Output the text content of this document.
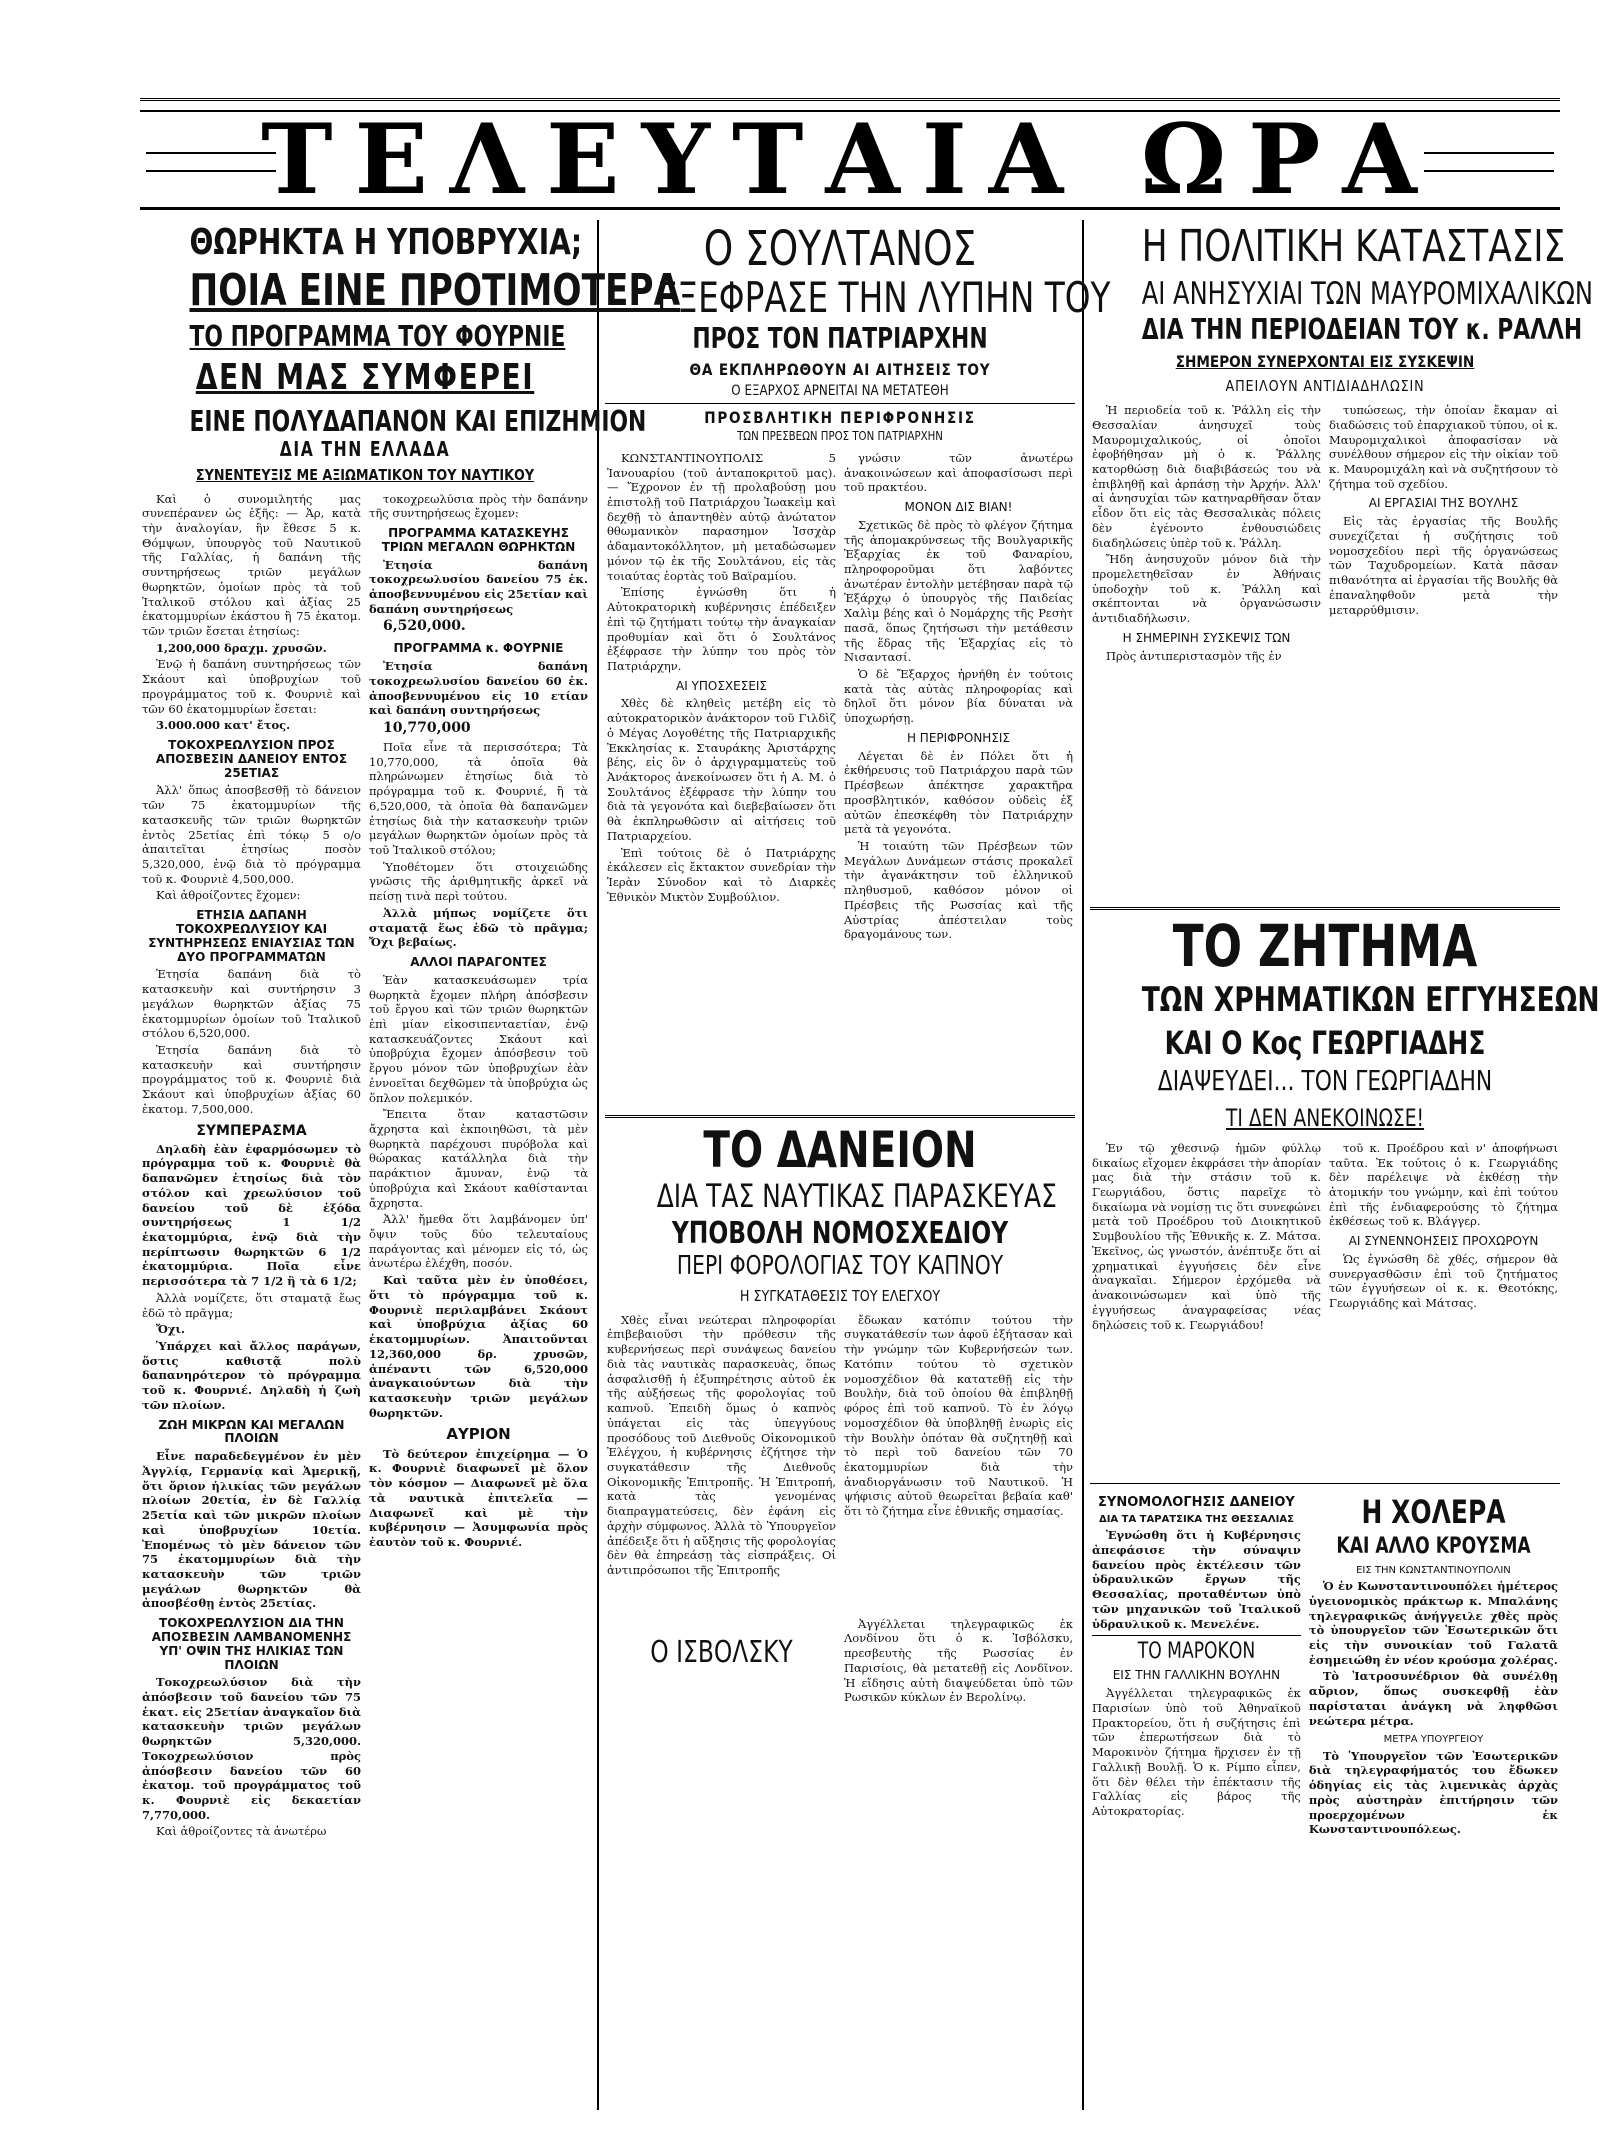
ΤΕΛΕΥΤΑΙΑ ΩΡΑ
ΘΩΡΗΚΤΑ Η ΥΠΟΒΡΥΧΙΑ;
ΠΟΙΑ ΕΙΝΕ ΠΡΟΤΙΜΟΤΕΡΑ
ΤΟ ΠΡΟΓΡΑΜΜΑ ΤΟΥ ΦΟΥΡΝΙΕ
ΔΕΝ ΜΑΣ ΣΥΜΦΕΡΕΙ
ΕΙΝΕ ΠΟΛΥΔΑΠΑΝΟΝ ΚΑΙ ΕΠΙΖΗΜΙΟΝ
ΔΙΑ ΤΗΝ ΕΛΛΑΔΑ
ΣΥΝΕΝΤΕΥΞΙΣ ΜΕ ΑΞΙΩΜΑΤΙΚΟΝ ΤΟΥ ΝΑΥΤΙΚΟΥ

Καὶ ὁ συνομιλητής μας συνεπέρανεν ὡς ἑξῆς: — Ἀρ, κατὰ τὴν ἀναλογίαν, ἣν ἔθεσε 5 κ. Θόμψων, ὑπουργὸς τοῦ Ναυτικοῦ τῆς Γαλλίας, ἡ δαπάνη τῆς συντηρήσεως τριῶν μεγάλων θωρηκτῶν, ὁμοίων πρὸς τὰ τοῦ Ἰταλικοῦ στόλου καὶ ἀξίας 25 ἑκατομμυρίων ἑκάστου ἢ 75 ἑκατομ. τῶν τριῶν ἔσεται ἐτησίως:

1,200,000 δραχμ. χρυσῶν.

Ἐνῷ ἡ δαπάνη συντηρήσεως τῶν Σκάουτ καὶ ὑποβρυχίων τοῦ προγράμματος τοῦ κ. Φουρνιὲ καὶ τῶν 60 ἑκατομμυρίων ἔσεται:

3.000.000 κατ' ἔτος.

ΤΟΚΟΧΡΕΩΛΥΣΙΟΝ ΠΡΟΣ ΑΠΟΣΒΕΣΙΝ ΔΑΝΕΙΟΥ ΕΝΤΟΣ 25ΕΤΙΑΣ

Ἀλλ' ὅπως ἀποσβεσθῇ τὸ δάνειον τῶν 75 ἑκατομμυρίων τῆς κατασκευῆς τῶν τριῶν θωρηκτῶν ἐντὸς 25ετίας ἐπὶ τόκῳ 5 ο/ο ἀπαιτεῖται ἐτησίως ποσὸν 5,320,000, ἐνῷ διὰ τὸ πρόγραμμα τοῦ κ. Φουρνιὲ 4,500,000.

Καὶ ἀθροίζοντες ἔχομεν:

ΕΤΗΣΙΑ ΔΑΠΑΝΗ ΤΟΚΟΧΡΕΩΛΥΣΙΟΥ ΚΑΙ ΣΥΝΤΗΡΗΣΕΩΣ ΕΝΙΑΥΣΙΑΣ ΤΩΝ ΔΥΟ ΠΡΟΓΡΑΜΜΑΤΩΝ

Ἐτησία δαπάνη διὰ τὸ κατασκευὴν καὶ συντήρησιν 3 μεγάλων θωρηκτῶν ἀξίας 75 ἑκατομμυρίων ὁμοίων τοῦ Ἰταλικοῦ στόλου 6,520,000.

Ἐτησία δαπάνη διὰ τὸ κατασκευὴν καὶ συντήρησιν προγράμματος τοῦ κ. Φουρνιὲ διὰ Σκάουτ καὶ ὑποβρυχίων ἀξίας 60 ἑκατομ. 7,500,000.

ΣΥΜΠΕΡΑΣΜΑ

Δηλαδὴ ἐὰν ἐφαρμόσωμεν τὸ πρόγραμμα τοῦ κ. Φουρνιὲ θὰ δαπανῶμεν ἐτησίως διὰ τὸν στόλον καὶ χρεωλύσιον τοῦ δανείου τοῦ δὲ ἐξόδα συντηρήσεως 1 1/2 ἑκατομμύρια, ἐνῷ διὰ τὴν περίπτωσιν θωρηκτῶν 6 1/2 ἑκατομμύρια. Ποῖα εἶνε περισσότερα τὰ 7 1/2 ἢ τὰ 6 1/2;

Ἀλλὰ νομίζετε, ὅτι σταματᾷ ἕως ἐδῶ τὸ πρᾶγμα;

Ὄχι.

Ὑπάρχει καὶ ἄλλος παράγων, ὅστις καθιστᾷ πολὺ δαπανηρότερον τὸ πρόγραμμα τοῦ κ. Φουρνιέ. Δηλαδὴ ἡ ζωὴ τῶν πλοίων.

ΖΩΗ ΜΙΚΡΩΝ ΚΑΙ ΜΕΓΑΛΩΝ ΠΛΟΙΩΝ

Εἶνε παραδεδεγμένον ἐν μὲν Ἀγγλίᾳ, Γερμανίᾳ καὶ Ἀμερικῇ, ὅτι ὅριον ἡλικίας τῶν μεγάλων πλοίων 20ετία, ἐν δὲ Γαλλίᾳ 25ετία καὶ τῶν μικρῶν πλοίων καὶ ὑποβρυχίων 10ετία. Ἐπομένως τὸ μὲν δάνειον τῶν 75 ἑκατομμυρίων διὰ τὴν κατασκευὴν τῶν τριῶν μεγάλων θωρηκτῶν θὰ ἀποσβέσθῃ ἐντὸς 25ετίας.

ΤΟΚΟΧΡΕΩΛΥΣΙΟΝ ΔΙΑ ΤΗΝ ΑΠΟΣΒΕΣΙΝ ΛΑΜΒΑΝΟΜΕΝΗΣ ΥΠ' ΟΨΙΝ ΤΗΣ ΗΛΙΚΙΑΣ ΤΩΝ ΠΛΟΙΩΝ

Τοκοχρεωλύσιον διὰ τὴν ἀπόσβεσιν τοῦ δανείου τῶν 75 ἑκατ. εἰς 25ετίαν ἀναγκαῖον διὰ κατασκευὴν τριῶν μεγάλων θωρηκτῶν 5,320,000. Τοκοχρεωλύσιον πρὸς ἀπόσβεσιν δανείου τῶν 60 ἑκατομ. τοῦ προγράμματος τοῦ κ. Φουρνιὲ εἰς δεκαετίαν 7,770,000.

Καὶ ἀθροίζοντες τὰ ἀνωτέρω

τοκοχρεωλύσια πρὸς τὴν δαπάνην τῆς συντηρήσεως ἔχομεν:

ΠΡΟΓΡΑΜΜΑ ΚΑΤΑΣΚΕΥΗΣ ΤΡΙΩΝ ΜΕΓΑΛΩΝ ΘΩΡΗΚΤΩΝ

Ἐτησία δαπάνη τοκοχρεωλυσίου δανείου 75 ἑκ. ἀποσβεννυμένου εἰς 25ετίαν καὶ δαπάνη συντηρήσεως

6,520,000.

ΠΡΟΓΡΑΜΜΑ κ. ΦΟΥΡΝΙΕ

Ἐτησία δαπάνη τοκοχρεωλυσίου δανείου 60 ἑκ. ἀποσβεννυμένου εἰς 10 ετίαν καὶ δαπάνη συντηρήσεως

10,770,000

Ποῖα εἶνε τὰ περισσότερα; Τὰ 10,770,000, τὰ ὁποῖα θὰ πληρώνωμεν ἐτησίως διὰ τὸ πρόγραμμα τοῦ κ. Φουρνιέ, ἢ τὰ 6,520,000, τὰ ὁποῖα θὰ δαπανῶμεν ἐτησίως διὰ τὴν κατασκευὴν τριῶν μεγάλων θωρηκτῶν ὁμοίων πρὸς τὰ τοῦ Ἰταλικοῦ στόλου;

Ὑποθέτομεν ὅτι στοιχειώδης γνῶσις τῆς ἀριθμητικῆς ἀρκεῖ νὰ πείσῃ τινὰ περὶ τούτου.

Ἀλλὰ μήπως νομίζετε ὅτι σταματᾷ ἕως ἐδῶ τὸ πρᾶγμα; Ὄχι βεβαίως.

ΑΛΛΟΙ ΠΑΡΑΓΟΝΤΕΣ

Ἐὰν κατασκευάσωμεν τρία θωρηκτὰ ἔχομεν πλήρη ἀπόσβεσιν τοῦ ἔργου καὶ τῶν τριῶν θωρηκτῶν ἐπὶ μίαν εἰκοσιπενταετίαν, ἐνῷ κατασκευάζοντες Σκάουτ καὶ ὑποβρύχια ἔχομεν ἀπόσβεσιν τοῦ ἔργου μόνον τῶν ὑποβρυχίων ἐὰν ἐννοεῖται δεχθῶμεν τὰ ὑποβρύχια ὡς ὅπλον πολεμικόν.

Ἔπειτα ὅταν καταστῶσιν ἄχρηστα καὶ ἐκποιηθῶσι, τὰ μὲν θωρηκτὰ παρέχουσι πυρόβολα καὶ θώρακας κατάλληλα διὰ τὴν παράκτιον ἄμυναν, ἐνῷ τὰ ὑποβρύχια καὶ Σκάουτ καθίστανται ἄχρηστα.

Ἀλλ' ἤμεθα ὅτι λαμβάνομεν ὑπ' ὄψιν τοῦς δύο τελευταίους παράγοντας καὶ μένομεν εἰς τό, ὡς ἀνωτέρω ἐλέχθη, ποσόν.

Καὶ ταῦτα μὲν ἐν ὑποθέσει, ὅτι τὸ πρόγραμμα τοῦ κ. Φουρνιὲ περιλαμβάνει Σκάουτ καὶ ὑποβρύχια ἀξίας 60 ἑκατομμυρίων. Ἀπαιτοῦνται 12,360,000 δρ. χρυσῶν, ἀπέναντι τῶν 6,520,000 ἀναγκαιούντων διὰ τὴν κατασκευὴν τριῶν μεγάλων θωρηκτῶν.

ΑΥΡΙΟΝ

Τὸ δεύτερον ἐπιχείρημα — Ὁ κ. Φουρνιὲ διαφωνεῖ μὲ ὅλον τὸν κόσμον — Διαφωνεῖ μὲ ὅλα τὰ ναυτικὰ ἐπιτελεῖα — Διαφωνεῖ καὶ μὲ τὴν κυβέρνησιν — Ἀσυμφωνία πρὸς ἑαυτὸν τοῦ κ. Φουρνιέ.

Ο ΣΟΥΛΤΑΝΟΣ
ΕΞΕΦΡΑΣΕ ΤΗΝ ΛΥΠΗΝ ΤΟΥ
ΠΡΟΣ ΤΟΝ ΠΑΤΡΙΑΡΧΗΝ
ΘΑ ΕΚΠΛΗΡΩΘΟΥΝ ΑΙ ΑΙΤΗΣΕΙΣ ΤΟΥ
Ο ΕΞΑΡΧΟΣ ΑΡΝΕΙΤΑΙ ΝΑ ΜΕΤΑΤΕΘΗ
ΠΡΟΣΒΛΗΤΙΚΗ ΠΕΡΙΦΡΟΝΗΣΙΣ
ΤΩΝ ΠΡΕΣΒΕΩΝ ΠΡΟΣ ΤΟΝ ΠΑΤΡΙΑΡΧΗΝ

ΚΩΝΣΤΑΝΤΙΝΟΥΠΟΛΙΣ 5 Ἰανουαρίου (τοῦ ἀνταποκριτοῦ μας). — Ἔχρονον ἐν τῇ προλαβούσῃ μου ἐπιστολῇ τοῦ Πατριάρχου Ἰωακεὶμ καὶ δεχθῇ τὸ ἀπαντηθὲν αὐτῷ ἀνώτατον θθωμανικὸν παρασημον Ἰσσχὰρ ἀδαμαντοκόλλητον, μὴ μεταδώσωμεν μόνον τῷ ἐκ τῆς Σουλτάνου, εἰς τὰς τοιαύτας ἑορτὰς τοῦ Βαϊραμίου.

Ἐπίσης ἐγνώσθη ὅτι ἡ Αὐτοκρατορικὴ κυβέρνησις ἐπέδειξεν ἐπὶ τῷ ζητήματι τούτῳ τὴν ἀναγκαίαν προθυμίαν καὶ ὅτι ὁ Σουλτάνος ἐξέφρασε τὴν λύπην του πρὸς τὸν Πατριάρχην.

ΑΙ ΥΠΟΣΧΕΣΕΙΣ

Χθὲς δὲ κληθεὶς μετέβη εἰς τὸ αὐτοκρατορικὸν ἀνάκτορον τοῦ Γιλδὶζ ὁ Μέγας Λογοθέτης τῆς Πατριαρχικῆς Ἐκκλησίας κ. Σταυράκης Ἀριστάρχης βέης, εἰς ὃν ὁ ἀρχιγραμματεὺς τοῦ Ἀνάκτορος ἀνεκοίνωσεν ὅτι ἡ Α. Μ. ὁ Σουλτάνος ἐξέφρασε τὴν λύπην του διὰ τὰ γεγονότα καὶ διεβεβαίωσεν ὅτι θὰ ἐκπληρωθῶσιν αἱ αἰτήσεις τοῦ Πατριαρχείου.

Ἐπὶ τούτοις δὲ ὁ Πατριάρχης ἐκάλεσεν εἰς ἔκτακτον συνεδρίαν τὴν Ἱερὰν Σύνοδον καὶ τὸ Διαρκὲς Ἐθνικὸν Μικτὸν Συμβούλιον.

γνώσιν τῶν ἀνωτέρω ἀνακοινώσεων καὶ ἀποφασίσωσι περὶ τοῦ πρακτέου.

ΜΟΝΟΝ ΔΙΣ ΒΙΑΝ!

Σχετικῶς δὲ πρὸς τὸ φλέγον ζήτημα τῆς ἀπομακρύνσεως τῆς Βουλγαρικῆς Ἐξαρχίας ἐκ τοῦ Φαναρίου, πληροφοροῦμαι ὅτι λαβόντες ἀνωτέραν ἐντολὴν μετέβησαν παρὰ τῷ Ἐξάρχῳ ὁ ὑπουργὸς τῆς Παιδείας Χαλὶμ βέης καὶ ὁ Νομάρχης τῆς Ρεσὴτ πασᾶ, ὅπως ζητήσωσι τὴν μετάθεσιν τῆς ἕδρας τῆς Ἐξαρχίας εἰς τὸ Νισαντασί.

Ὁ δὲ Ἔξαρχος ἠρνήθη ἐν τούτοις κατὰ τὰς αὐτὰς πληροφορίας καὶ δηλοῖ ὅτι μόνον βία δύναται νὰ ὑποχωρήσῃ.

Η ΠΕΡΙΦΡΟΝΗΣΙΣ

Λέγεται δὲ ἐν Πόλει ὅτι ἡ ἐκθήρευσις τοῦ Πατριάρχου παρὰ τῶν Πρέσβεων ἀπέκτησε χαρακτῆρα προσβλητικόν, καθόσον οὐδεὶς ἐξ αὐτῶν ἐπεσκέφθη τὸν Πατριάρχην μετὰ τὰ γεγονότα.

Ἡ τοιαύτη τῶν Πρέσβεων τῶν Μεγάλων Δυνάμεων στάσις προκαλεῖ τὴν ἀγανάκτησιν τοῦ ἑλληνικοῦ πληθυσμοῦ, καθόσον μόνον οἱ Πρέσβεις τῆς Ρωσσίας καὶ τῆς Αὐστρίας ἀπέστειλαν τοὺς δραγομάνους των.

ΤΟ ΔΑΝΕΙΟΝ
ΔΙΑ ΤΑΣ ΝΑΥΤΙΚΑΣ ΠΑΡΑΣΚΕΥΑΣ
ΥΠΟΒΟΛΗ ΝΟΜΟΣΧΕΔΙΟΥ
ΠΕΡΙ ΦΟΡΟΛΟΓΙΑΣ ΤΟΥ ΚΑΠΝΟΥ
Η ΣΥΓΚΑΤΑΘΕΣΙΣ ΤΟΥ ΕΛΕΓΧΟΥ

Χθὲς εἶναι νεώτεραι πληροφορίαι ἐπιβεβαιοῦσι τὴν πρόθεσιν τῆς κυβερνήσεως περὶ συνάψεως δανείου διὰ τὰς ναυτικὰς παρασκευὰς, ὅπως ἀσφαλισθῇ ἡ ἐξυπηρέτησις αὐτοῦ ἐκ τῆς αὐξήσεως τῆς φορολογίας τοῦ καπνοῦ. Ἐπειδὴ ὅμως ὁ καπνὸς ὑπάγεται εἰς τὰς ὑπεγγύους προσόδους τοῦ Διεθνοῦς Οἰκονομικοῦ Ἐλέγχου, ἡ κυβέρνησις ἐζήτησε τὴν συγκατάθεσιν τῆς Διεθνοῦς Οἰκονομικῆς Ἐπιτροπῆς. Ἡ Ἐπιτροπή, κατὰ τὰς γενομένας διαπραγματεύσεις, δὲν ἐφάνη εἰς ἀρχὴν σύμφωνος. Ἀλλὰ τὸ Ὑπουργεῖον ἀπέδειξε ὅτι ἡ αὔξησις τῆς φορολογίας δὲν θὰ ἐπηρεάσῃ τὰς εἰσπράξεις. Οἱ ἀντιπρόσωποι τῆς Ἐπιτροπῆς

ἔδωκαν κατόπιν τούτου τὴν συγκατάθεσίν των ἀφοῦ ἐξήτασαν καὶ τὴν γνώμην τῶν Κυβερνήσεών των. Κατόπιν τούτου τὸ σχετικὸν νομοσχέδιον θὰ κατατεθῇ εἰς τὴν Βουλὴν, διὰ τοῦ ὁποίου θὰ ἐπιβληθῇ φόρος ἐπὶ τοῦ καπνοῦ. Τὸ ἐν λόγῳ νομοσχέδιον θὰ ὑποβληθῇ ἐνωρὶς εἰς τὴν Βουλὴν ὁπόταν θὰ συζητηθῇ καὶ τὸ περὶ τοῦ δανείου τῶν 70 ἑκατομμυρίων διὰ τὴν ἀναδιοργάνωσιν τοῦ Ναυτικοῦ. Ἡ ψήφισις αὐτοῦ θεωρεῖται βεβαία καθ' ὅτι τὸ ζήτημα εἶνε ἐθνικῆς σημασίας.

Ο ΙΣΒΟΛΣΚΥ

Ἀγγέλλεται τηλεγραφικῶς ἐκ Λονδίνου ὅτι ὁ κ. Ἰσβόλσκυ, πρεσβευτὴς τῆς Ρωσσίας ἐν Παρισίοις, θὰ μετατεθῇ εἰς Λονδῖνον. Ἡ εἴδησις αὐτὴ διαψεύδεται ὑπὸ τῶν Ρωσικῶν κύκλων ἐν Βερολίνῳ.

Η ΠΟΛΙΤΙΚΗ ΚΑΤΑΣΤΑΣΙΣ
ΑΙ ΑΝΗΣΥΧΙΑΙ ΤΩΝ ΜΑΥΡΟΜΙΧΑΛΙΚΩΝ
ΔΙΑ ΤΗΝ ΠΕΡΙΟΔΕΙΑΝ ΤΟΥ κ. ΡΑΛΛΗ
ΣΗΜΕΡΟΝ ΣΥΝΕΡΧΟΝΤΑΙ ΕΙΣ ΣΥΣΚΕΨΙΝ
ΑΠΕΙΛΟΥΝ ΑΝΤΙΔΙΑΔΗΛΩΣΙΝ

Ἡ περιοδεία τοῦ κ. Ῥάλλη εἰς τὴν Θεσσαλίαν ἀνησυχεῖ τοὺς Μαυρομιχαλικούς, οἱ ὁποῖοι ἐφοβήθησαν μὴ ὁ κ. Ῥάλλης κατορθώσῃ διὰ διαβιβάσεώς του νὰ ἐπιβληθῇ καὶ ἀρπάσῃ τὴν Ἀρχήν. Ἀλλ' αἱ ἀνησυχίαι τῶν κατηναρθῆσαν ὅταν εἶδον ὅτι εἰς τὰς Θεσσαλικὰς πόλεις δὲν ἐγένοντο ἐνθουσιώδεις διαδηλώσεις ὑπὲρ τοῦ κ. Ῥάλλη.

Ἤδη ἀνησυχοῦν μόνον διὰ τὴν προμελετηθεῖσαν ἐν Ἀθήναις ὑποδοχὴν τοῦ κ. Ῥάλλη καὶ σκέπτονται νὰ ὀργανώσωσιν ἀντιδιαδήλωσιν.

Η ΣΗΜΕΡΙΝΗ ΣΥΣΚΕΨΙΣ ΤΩΝ

Πρὸς ἀντιπεριστασμὸν τῆς ἐν

τυπώσεως, τὴν ὁποίαν ἔκαμαν αἱ διαδώσεις τοῦ ἐπαρχιακοῦ τύπου, οἱ κ. Μαυρομιχαλικοὶ ἀποφασίσαν νὰ συνέλθουν σήμερον εἰς τὴν οἰκίαν τοῦ κ. Μαυρομιχάλη καὶ νὰ συζητήσουν τὸ ζήτημα τοῦ σχεδίου.

ΑΙ ΕΡΓΑΣΙΑΙ ΤΗΣ ΒΟΥΛΗΣ

Εἰς τὰς ἐργασίας τῆς Βουλῆς συνεχίζεται ἡ συζήτησις τοῦ νομοσχεδίου περὶ τῆς ὀργανώσεως τῶν Ταχυδρομείων. Κατὰ πᾶσαν πιθανότητα αἱ ἐργασίαι τῆς Βουλῆς θὰ ἐπαναληφθοῦν μετὰ τὴν μεταρρύθμισιν.

ΤΟ ΖΗΤΗΜΑ
ΤΩΝ ΧΡΗΜΑΤΙΚΩΝ ΕΓΓΥΗΣΕΩΝ
ΚΑΙ Ο Κος ΓΕΩΡΓΙΑΔΗΣ
ΔΙΑΨΕΥΔΕΙ... ΤΟΝ ΓΕΩΡΓΙΑΔΗΝ
ΤΙ ΔΕΝ ΑΝΕΚΟΙΝΩΣΕ!

Ἐν τῷ χθεσινῷ ἡμῶν φύλλῳ δικαίως εἴχομεν ἐκφράσει τὴν ἀπορίαν μας διὰ τὴν στάσιν τοῦ κ. Γεωργιάδου, ὅστις παρεῖχε τὸ δικαίωμα νὰ νομίσῃ τις ὅτι συνεφώνει μετὰ τοῦ Προέδρου τοῦ Διοικητικοῦ Συμβουλίου τῆς Ἐθνικῆς κ. Ζ. Μάτσα. Ἐκεῖνος, ὡς γνωστόν, ἀνέπτυξε ὅτι αἱ χρηματικαὶ ἐγγυήσεις δὲν εἶνε ἀναγκαῖαι. Σήμερον ἐρχόμεθα νὰ ἀνακοινώσωμεν καὶ ὑπὸ τῆς ἐγγυήσεως ἀναγραφείσας νέας δηλώσεις τοῦ κ. Γεωργιάδου!

τοῦ κ. Προέδρου καὶ ν' ἀποφήνωσι ταῦτα. Ἐκ τούτοις ὁ κ. Γεωργιάδης δὲν παρέλειψε νὰ ἐκθέσῃ τὴν ἀτομικήν του γνώμην, καὶ ἐπὶ τούτου ἐπὶ τῆς ἐνδιαφερούσης τὸ ζήτημα ἐκθέσεως τοῦ κ. Βλάγγερ.

ΑΙ ΣΥΝΕΝΝΟΗΣΕΙΣ ΠΡΟΧΩΡΟΥΝ

Ὡς ἐγνώσθη δὲ χθές, σήμερον θὰ συνεργασθῶσιν ἐπὶ τοῦ ζητήματος τῶν ἐγγυήσεων οἱ κ. κ. Θεοτόκης, Γεωργιάδης καὶ Μάτσας.

ΣΥΝΟΜΟΛΟΓΗΣΙΣ ΔΑΝΕΙΟΥ
ΔΙΑ ΤΑ ΤΑΡΑΤΣΙΚΑ ΤΗΣ ΘΕΣΣΑΛΙΑΣ

Ἐγνώσθη ὅτι ἡ Κυβέρνησις ἀπεφάσισε τὴν σύναψιν δανείου πρὸς ἐκτέλεσιν τῶν ὑδραυλικῶν ἔργων τῆς Θεσσαλίας, προταθέντων ὑπὸ τῶν μηχανικῶν τοῦ Ἰταλικοῦ ὑδραυλικοῦ κ. Μενελένε.

ΤΟ ΜΑΡΟΚΟΝ
ΕΙΣ ΤΗΝ ΓΑΛΛΙΚΗΝ ΒΟΥΛΗΝ

Ἀγγέλλεται τηλεγραφικῶς ἐκ Παρισίων ὑπὸ τοῦ Ἀθηναϊκοῦ Πρακτορείου, ὅτι ἡ συζήτησις ἐπὶ τῶν ἐπερωτήσεων διὰ τὸ Μαροκινὸν ζήτημα ἤρχισεν ἐν τῇ Γαλλικῇ Βουλῇ. Ὁ κ. Ρίμπο εἶπεν, ὅτι δὲν θέλει τὴν ἐπέκτασιν τῆς Γαλλίας εἰς βάρος τῆς Αὐτοκρατορίας.

Η ΧΟΛΕΡΑ
ΚΑΙ ΑΛΛΟ ΚΡΟΥΣΜΑ
ΕΙΣ ΤΗΝ ΚΩΝΣΤΑΝΤΙΝΟΥΠΟΛΙΝ

Ὁ ἐν Κωνσταντινουπόλει ἡμέτερος ὑγειονομικὸς πράκτωρ κ. Μπαλάνης τηλεγραφικῶς ἀνήγγειλε χθὲς πρὸς τὸ ὑπουργεῖον τῶν Ἐσωτερικῶν ὅτι εἰς τὴν συνοικίαν τοῦ Γαλατᾶ ἐσημειώθη ἐν νέον κρούσμα χολέρας.

Τὸ Ἰατροσυνέδριον θὰ συνέλθῃ αὔριον, ὅπως συσκεφθῇ ἐὰν παρίσταται ἀνάγκη νὰ ληφθῶσι νεώτερα μέτρα.

ΜΕΤΡΑ ΥΠΟΥΡΓΕΙΟΥ

Τὸ Ὑπουργεῖον τῶν Ἐσωτερικῶν διὰ τηλεγραφήματός του ἔδωκεν ὁδηγίας εἰς τὰς λιμενικὰς ἀρχὰς πρὸς αὐστηρὰν ἐπιτήρησιν τῶν προερχομένων ἐκ Κωνσταντινουπόλεως.
